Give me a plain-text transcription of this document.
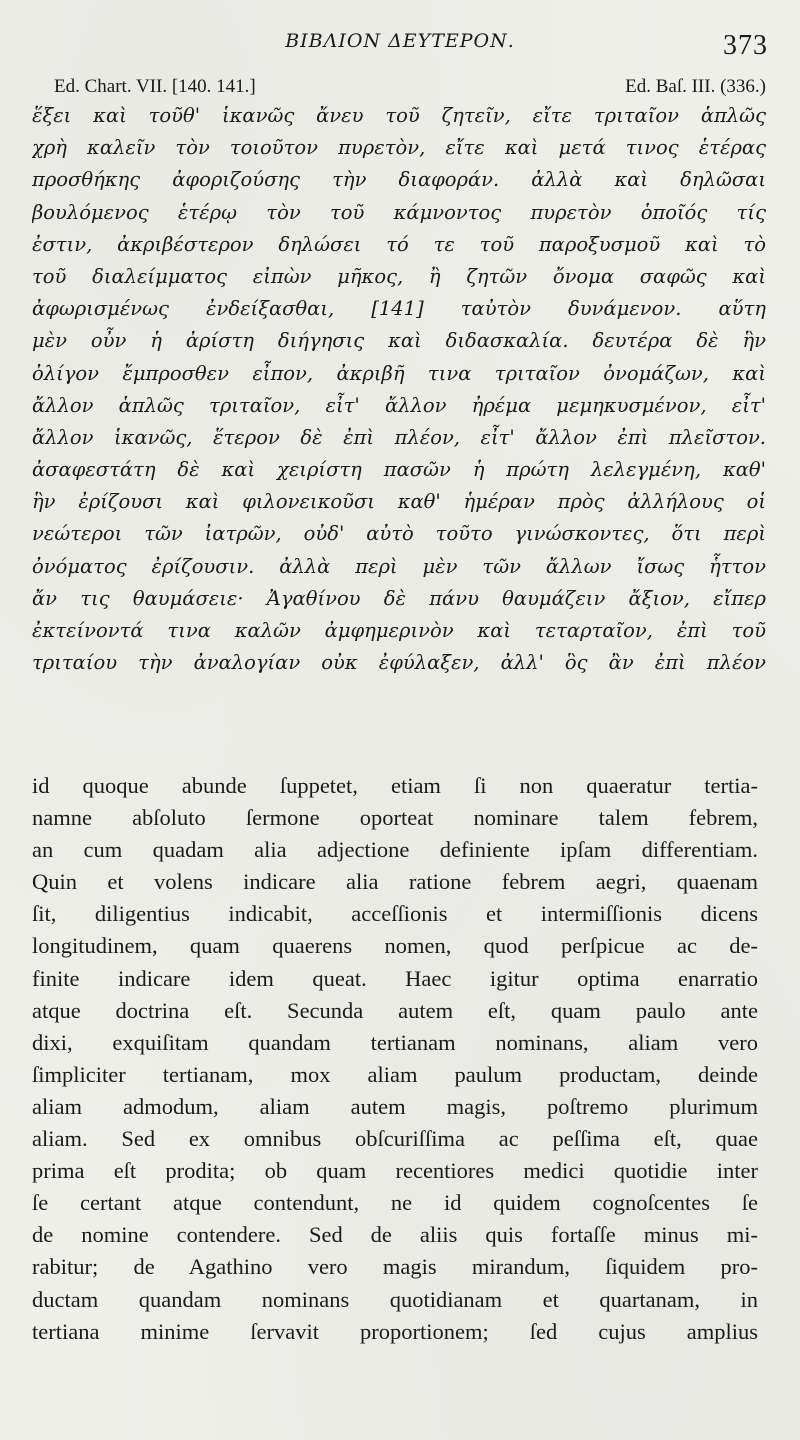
ΒΙΒΛΙΟΝ ΔΕΥΤΕΡΟΝ.	373
Ed. Chart. VII. [140. 141.]	Ed. Baſ. III. (336.)
ἕξει καὶ τοῦθ' ἱκανῶς ἄνευ τοῦ ζητεῖν, εἴτε τριταῖον ἁπλῶς
χρὴ καλεῖν τὸν τοιοῦτον πυρετὸν, εἴτε καὶ μετά τινος ἑτέρας
προσθήκης ἀφοριζούσης τὴν διαφοράν. ἀλλὰ καὶ δηλῶσαι
βουλόμενος ἑτέρῳ τὸν τοῦ κάμνοντος πυρετὸν ὁποῖός τίς
ἐστιν, ἀκριβέστερον δηλώσει τό τε τοῦ παροξυσμοῦ καὶ τὸ
τοῦ διαλείμματος εἰπὼν μῆκος, ἢ ζητῶν ὄνομα σαφῶς καὶ
ἀφωρισμένως ἐνδείξασθαι, [141] ταὐτὸν δυνάμενον. αὕτη
μὲν οὖν ἡ ἀρίστη διήγησις καὶ διδασκαλία. δευτέρα δὲ ἣν
ὀλίγον ἔμπροσθεν εἶπον, ἀκριβῆ τινα τριταῖον ὀνομάζων, καὶ
ἄλλον ἁπλῶς τριταῖον, εἶτ' ἄλλον ἠρέμα μεμηκυσμένον, εἶτ'
ἄλλον ἱκανῶς, ἕτερον δὲ ἐπὶ πλέον, εἶτ' ἄλλον ἐπὶ πλεῖστον.
ἀσαφεστάτη δὲ καὶ χειρίστη πασῶν ἡ πρώτη λελεγμένη, καθ'
ἣν ἐρίζουσι καὶ φιλονεικοῦσι καθ' ἡμέραν πρὸς ἀλλήλους οἱ
νεώτεροι τῶν ἰατρῶν, οὐδ' αὐτὸ τοῦτο γινώσκοντες, ὅτι περὶ
ὀνόματος ἐρίζουσιν. ἀλλὰ περὶ μὲν τῶν ἄλλων ἴσως ἧττον
ἄν τις θαυμάσειε· Ἀγαθίνου δὲ πάνυ θαυμάζειν ἄξιον, εἴπερ
ἐκτείνοντά τινα καλῶν ἀμφημερινὸν καὶ τεταρταῖον, ἐπὶ τοῦ
τριταίου τὴν ἀναλογίαν οὐκ ἐφύλαξεν, ἀλλ' ὃς ἂν ἐπὶ πλέον
id quoque abunde ſuppetet, etiam ſi non quaeratur tertia-
namne abſoluto ſermone oporteat nominare talem febrem,
an cum quadam alia adjectione definiente ipſam differentiam.
Quin et volens indicare alia ratione febrem aegri, quaenam
ſit, diligentius indicabit, acceſſionis et intermiſſionis dicens
longitudinem, quam quaerens nomen, quod perſpicue ac de-
finite indicare idem queat. Haec igitur optima enarratio
atque doctrina eſt. Secunda autem eſt, quam paulo ante
dixi, exquiſitam quandam tertianam nominans, aliam vero
ſimpliciter tertianam, mox aliam paulum productam, deinde
aliam admodum, aliam autem magis, poſtremo plurimum
aliam. Sed ex omnibus obſcuriſſima ac peſſima eſt, quae
prima eſt prodita; ob quam recentiores medici quotidie inter
ſe certant atque contendunt, ne id quidem cognoſcentes ſe
de nomine contendere. Sed de aliis quis fortaſſe minus mi-
rabitur; de Agathino vero magis mirandum, ſiquidem pro-
ductam quandam nominans quotidianam et quartanam, in
tertiana minime ſervavit proportionem; ſed cujus amplius
